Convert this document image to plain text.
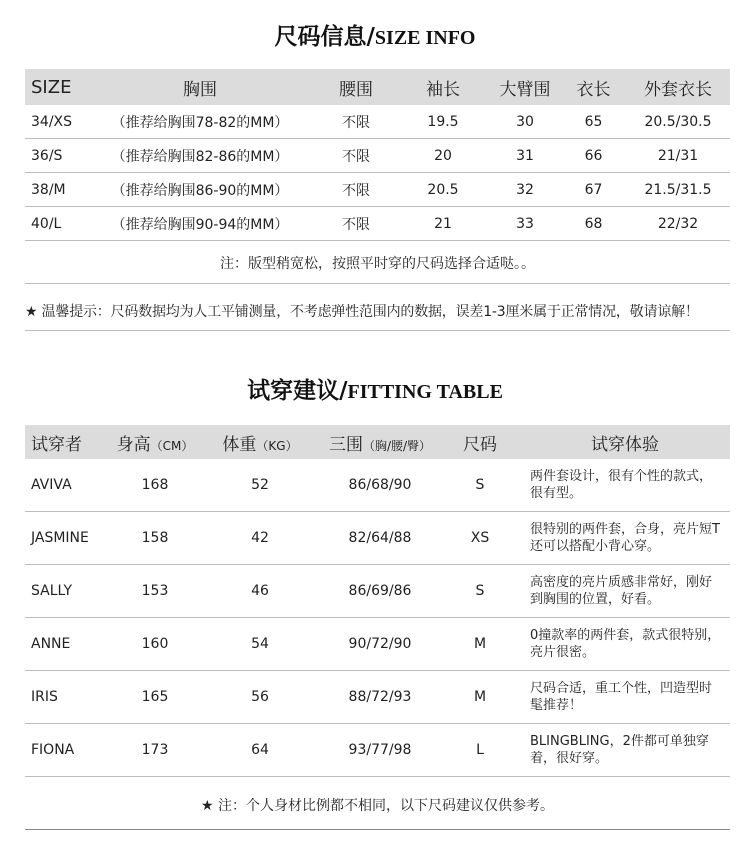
尺码信息/SIZE INFO
SIZE	胸围	腰围	袖长	大臂围	衣长	外套衣长
34/XS	（推荐给胸围78-82的MM）	不限	19.5	30	65	20.5/30.5
36/S	（推荐给胸围82-86的MM）	不限	20	31	66	21/31
38/M	（推荐给胸围86-90的MM）	不限	20.5	32	67	21.5/31.5
40/L	（推荐给胸围90-94的MM）	不限	21	33	68	22/32
注：版型稍宽松，按照平时穿的尺码选择合适哒。。
★ 温馨提示：尺码数据均为人工平铺测量，不考虑弹性范围内的数据，误差1-3厘米属于正常情况，敬请谅解！
试穿建议/FITTING TABLE
试穿者	身高（CM）	体重（KG）	三围（胸/腰/臀）	尺码	试穿体验
AVIVA	168	52	86/68/90	S	两件套设计，很有个性的款式，很有型。
JASMINE	158	42	82/64/88	XS	很特别的两件套，合身，亮片短T还可以搭配小背心穿。
SALLY	153	46	86/69/86	S	高密度的亮片质感非常好，刚好到胸围的位置，好看。
ANNE	160	54	90/72/90	M	0撞款率的两件套，款式很特别，亮片很密。
IRIS	165	56	88/72/93	M	尺码合适，重工个性，凹造型时髦推荐！
FIONA	173	64	93/77/98	L	BLINGBLING，2件都可单独穿着，很好穿。
★ 注：个人身材比例都不相同，以下尺码建议仅供参考。
